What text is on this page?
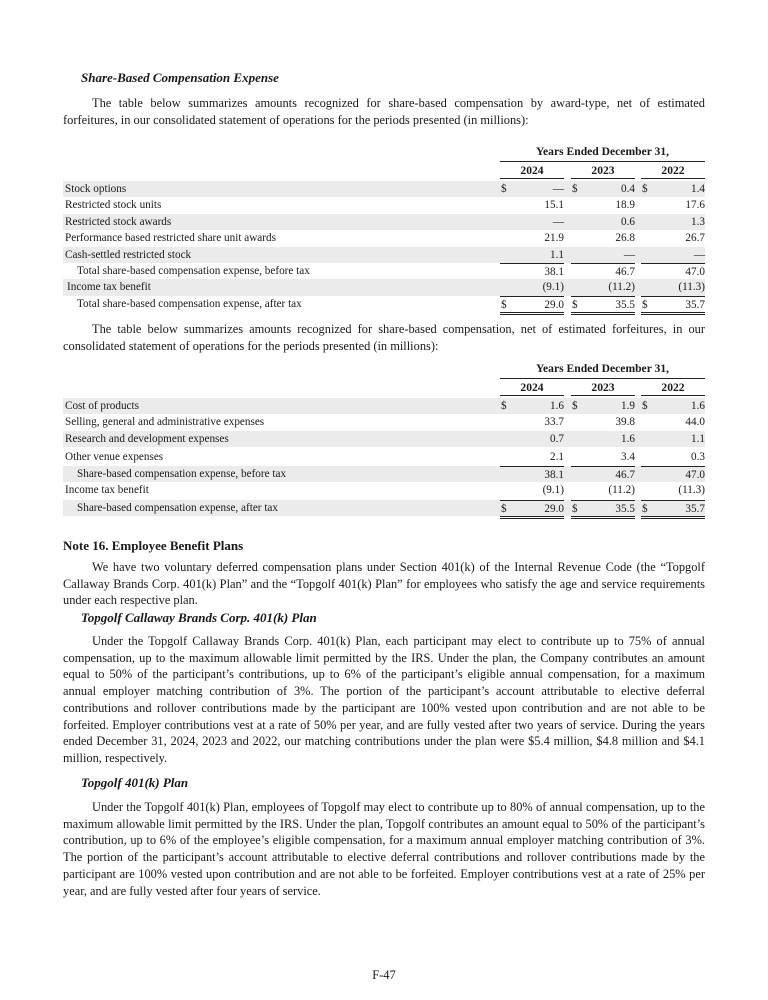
Share-Based Compensation Expense

The table below summarizes amounts recognized for share-based compensation by award-type, net of estimated forfeitures, in our consolidated statement of operations for the periods presented (in millions):

Years Ended December 31,
2024	2023	2022
Stock options	$	— $	0.4 $	1.4
Restricted stock units	15.1	18.9	17.6
Restricted stock awards	—	0.6	1.3
Performance based restricted share unit awards	21.9	26.8	26.7
Cash-settled restricted stock	1.1	—	—
Total share-based compensation expense, before tax	38.1	46.7	47.0
Income tax benefit	(9.1)	(11.2)	(11.3)
Total share-based compensation expense, after tax	$	29.0 $	35.5 $	35.7

The table below summarizes amounts recognized for share-based compensation, net of estimated forfeitures, in our consolidated statement of operations for the periods presented (in millions):

Years Ended December 31,
2024	2023	2022
Cost of products	$	1.6 $	1.9 $	1.6
Selling, general and administrative expenses	33.7	39.8	44.0
Research and development expenses	0.7	1.6	1.1
Other venue expenses	2.1	3.4	0.3
Share-based compensation expense, before tax	38.1	46.7	47.0
Income tax benefit	(9.1)	(11.2)	(11.3)
Share-based compensation expense, after tax	$	29.0 $	35.5 $	35.7
Note 16. Employee Benefit Plans

We have two voluntary deferred compensation plans under Section 401(k) of the Internal Revenue Code (the “Topgolf Callaway Brands Corp. 401(k) Plan” and the “Topgolf 401(k) Plan” for employees who satisfy the age and service requirements under each respective plan.

Topgolf Callaway Brands Corp. 401(k) Plan

Under the Topgolf Callaway Brands Corp. 401(k) Plan, each participant may elect to contribute up to 75% of annual compensation, up to the maximum allowable limit permitted by the IRS. Under the plan, the Company contributes an amount equal to 50% of the participant’s contributions, up to 6% of the participant’s eligible annual compensation, for a maximum annual employer matching contribution of 3%. The portion of the participant’s account attributable to elective deferral contributions and rollover contributions made by the participant are 100% vested upon contribution and are not able to be forfeited. Employer contributions vest at a rate of 50% per year, and are fully vested after two years of service. During the years ended December 31, 2024, 2023 and 2022, our matching contributions under the plan were $5.4 million, $4.8 million and $4.1 million, respectively.

Topgolf 401(k) Plan

Under the Topgolf 401(k) Plan, employees of Topgolf may elect to contribute up to 80% of annual compensation, up to the maximum allowable limit permitted by the IRS. Under the plan, Topgolf contributes an amount equal to 50% of the participant’s contribution, up to 6% of the employee’s eligible compensation, for a maximum annual employer matching contribution of 3%. The portion of the participant’s account attributable to elective deferral contributions and rollover contributions made by the participant are 100% vested upon contribution and are not able to be forfeited. Employer contributions vest at a rate of 25% per year, and are fully vested after four years of service.

F-47
